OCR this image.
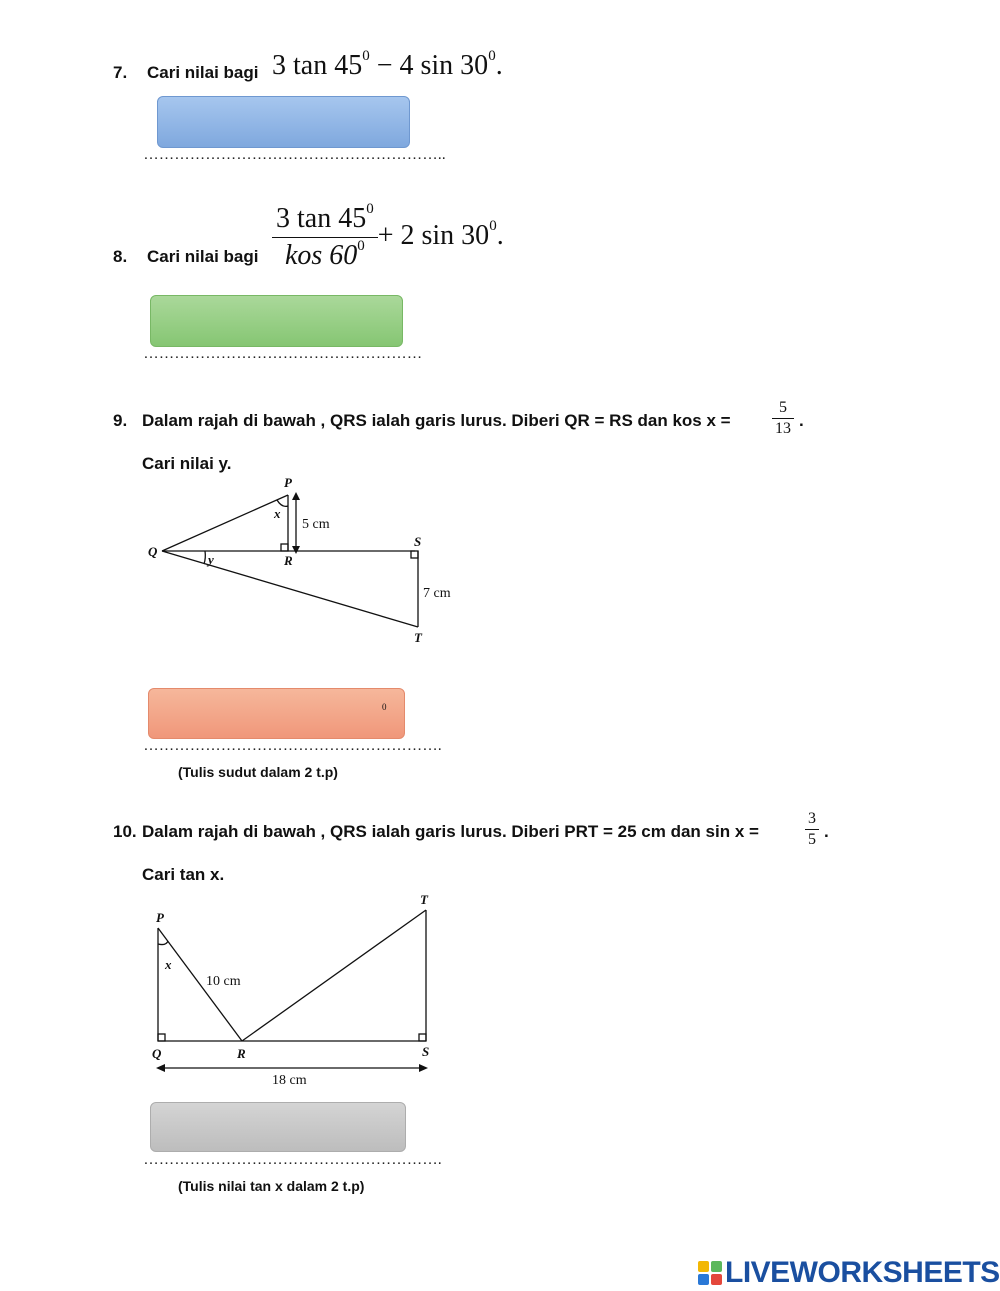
7. Cari nilai bagi 3 $\tan 45^0 - 4$ $\sin 30^0$.
…………………………………………………..
8. Cari nilai bagi $\frac{3 \tan 45^0}{kos 60^0} + 2$ $\sin 30^0$.
………………………………………………
9. Dalam rajah di bawah , QRS ialah garis lurus. Diberi QR = RS dan kos x =	$\frac{5}{13}$ .
Cari nilai y.
P
Q
R
S
T
x
y
5 cm
7 cm
0
………………………………………………….
(Tulis sudut dalam 2 t.p)
10. Dalam rajah di bawah , QRS ialah garis lurus. Diberi PRT = 25 cm dan sin x =	$\frac{3}{5}$ .
Cari tan x.
P
Q	R	S
T
x
10 cm
18 cm
………………………………………………….
(Tulis nilai tan x dalam 2 t.p)
LIVEWORKSHEETS
